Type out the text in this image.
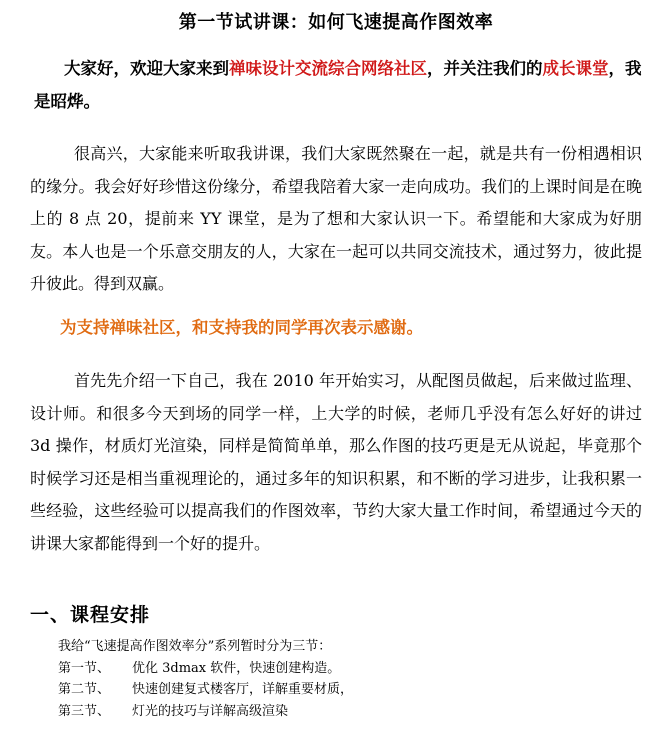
第一节试讲课：如何飞速提高作图效率
大家好，欢迎大家来到禅味设计交流综合网络社区，并关注我们的成长课堂，我是昭烨。
很高兴，大家能来听取我讲课，我们大家既然聚在一起，就是共有一份相遇相识的缘分。我会好好珍惜这份缘分，希望我陪着大家一走向成功。我们的上课时间是在晚上的 8 点 20，提前来 YY 课堂，是为了想和大家认识一下。希望能和大家成为好朋友。本人也是一个乐意交朋友的人，大家在一起可以共同交流技术，通过努力，彼此提升彼此。得到双赢。
为支持禅味社区，和支持我的同学再次表示感谢。
首先先介绍一下自己，我在 2010 年开始实习，从配图员做起，后来做过监理、设计师。和很多今天到场的同学一样，上大学的时候，老师几乎没有怎么好好的讲过 3d 操作，材质灯光渲染，同样是简简单单，那么作图的技巧更是无从说起，毕竟那个时候学习还是相当重视理论的，通过多年的知识积累，和不断的学习进步，让我积累一些经验，这些经验可以提高我们的作图效率，节约大家大量工作时间，希望通过今天的讲课大家都能得到一个好的提升。
一、课程安排
我给“飞速提高作图效率分”系列暂时分为三节：
第一节、 优化 3dmax 软件，快速创建构造。
第二节、 快速创建复式楼客厅，详解重要材质，
第三节、 灯光的技巧与详解高级渲染
